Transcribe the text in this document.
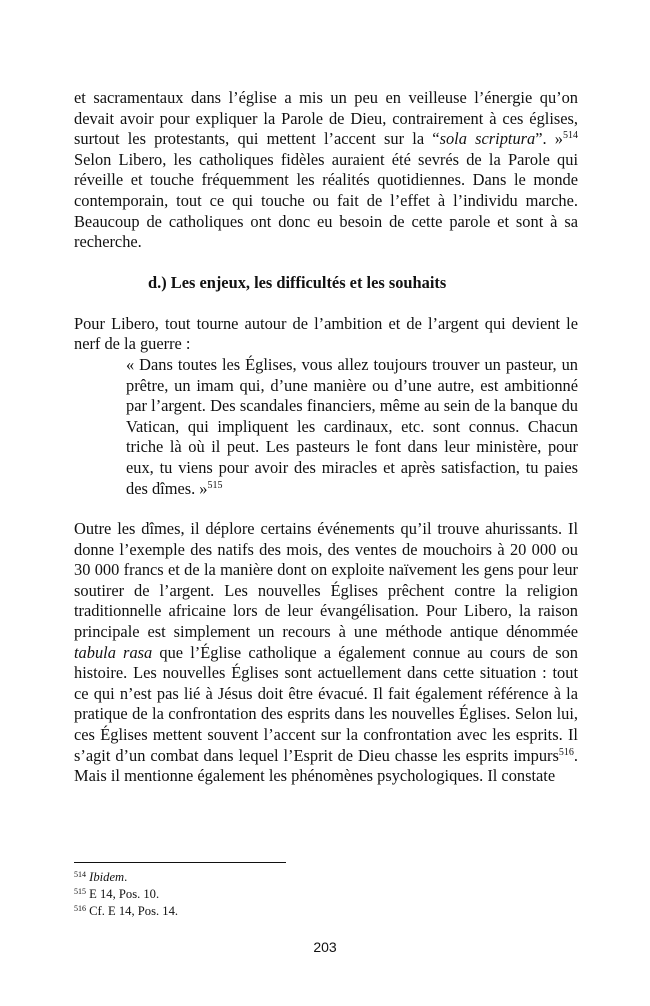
et sacramentaux dans l’église a mis un peu en veilleuse l’énergie qu’on devait avoir pour expliquer la Parole de Dieu, contrairement à ces églises, surtout les protestants, qui mettent l’accent sur la “sola scriptura”. »$^{514}$ Selon Libero, les catholiques fidèles auraient été sevrés de la Parole qui réveille et touche fréquemment les réalités quotidiennes. Dans le monde contemporain, tout ce qui touche ou fait de l’effet à l’individu marche. Beaucoup de catholiques ont donc eu besoin de cette parole et sont à sa recherche.

d.) Les enjeux, les difficultés et les souhaits

Pour Libero, tout tourne autour de l’ambition et de l’argent qui devient le nerf de la guerre :

« Dans toutes les Églises, vous allez toujours trouver un pasteur, un prêtre, un imam qui, d’une manière ou d’une autre, est ambitionné par l’argent. Des scandales financiers, même au sein de la banque du Vatican, qui impliquent les cardinaux, etc. sont connus. Chacun triche là où il peut. Les pasteurs le font dans leur ministère, pour eux, tu viens pour avoir des miracles et après satisfaction, tu paies des dîmes. »$^{515}$

Outre les dîmes, il déplore certains événements qu’il trouve ahurissants. Il donne l’exemple des natifs des mois, des ventes de mouchoirs à 20 000 ou 30 000 francs et de la manière dont on exploite naïvement les gens pour leur soutirer de l’argent. Les nouvelles Églises prêchent contre la religion traditionnelle africaine lors de leur évangélisation. Pour Libero, la raison principale est simplement un recours à une méthode antique dénommée tabula rasa que l’Église catholique a également connue au cours de son histoire. Les nouvelles Églises sont actuellement dans cette situation : tout ce qui n’est pas lié à Jésus doit être évacué. Il fait également référence à la pratique de la confrontation des esprits dans les nouvelles Églises. Selon lui, ces Églises mettent souvent l’accent sur la confrontation avec les esprits. Il s’agit d’un combat dans lequel l’Esprit de Dieu chasse les esprits impurs$^{516}$. Mais il mentionne également les phénomènes psychologiques. Il constate

$^{514}$ Ibidem.
$^{515}$ E 14, Pos. 10.
$^{516}$ Cf. E 14, Pos. 14.
203
